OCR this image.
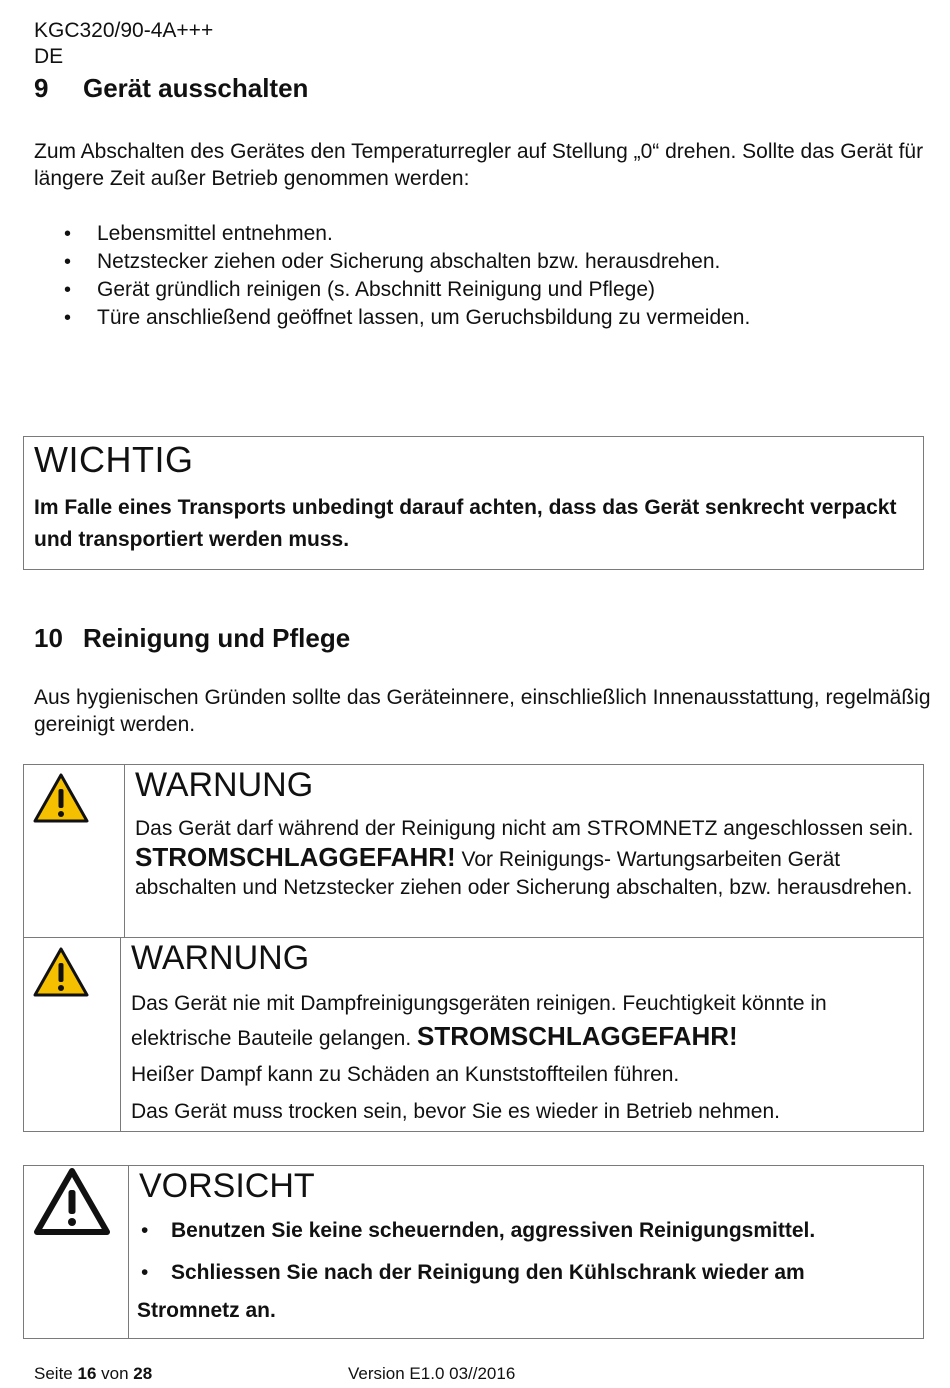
KGC320/90-4A+++
DE
9 Gerät ausschalten
Zum Abschalten des Gerätes den Temperaturregler auf Stellung „0“ drehen. Sollte das Gerät für längere Zeit außer Betrieb genommen werden:
• Lebensmittel entnehmen.
• Netzstecker ziehen oder Sicherung abschalten bzw. herausdrehen.
• Gerät gründlich reinigen (s. Abschnitt Reinigung und Pflege)
• Türe anschließend geöffnet lassen, um Geruchsbildung zu vermeiden.
WICHTIG
Im Falle eines Transports unbedingt darauf achten, dass das Gerät senkrecht verpackt und transportiert werden muss.
10 Reinigung und Pflege
Aus hygienischen Gründen sollte das Geräteinnere, einschließlich Innenausstattung, regelmäßig gereinigt werden.
WARNUNG
Das Gerät darf während der Reinigung nicht am STROMNETZ angeschlossen sein. STROMSCHLAGGEFAHR! Vor Reinigungs- Wartungsarbeiten Gerät abschalten und Netzstecker ziehen oder Sicherung abschalten, bzw. herausdrehen.
WARNUNG
Das Gerät nie mit Dampfreinigungsgeräten reinigen. Feuchtigkeit könnte in elektrische Bauteile gelangen. STROMSCHLAGGEFAHR!
Heißer Dampf kann zu Schäden an Kunststoffteilen führen.
Das Gerät muss trocken sein, bevor Sie es wieder in Betrieb nehmen.
VORSICHT
• Benutzen Sie keine scheuernden, aggressiven Reinigungsmittel.
• Schliessen Sie nach der Reinigung den Kühlschrank wieder am
Stromnetz an.
Seite 16 von 28	Version E1.0 03//2016
